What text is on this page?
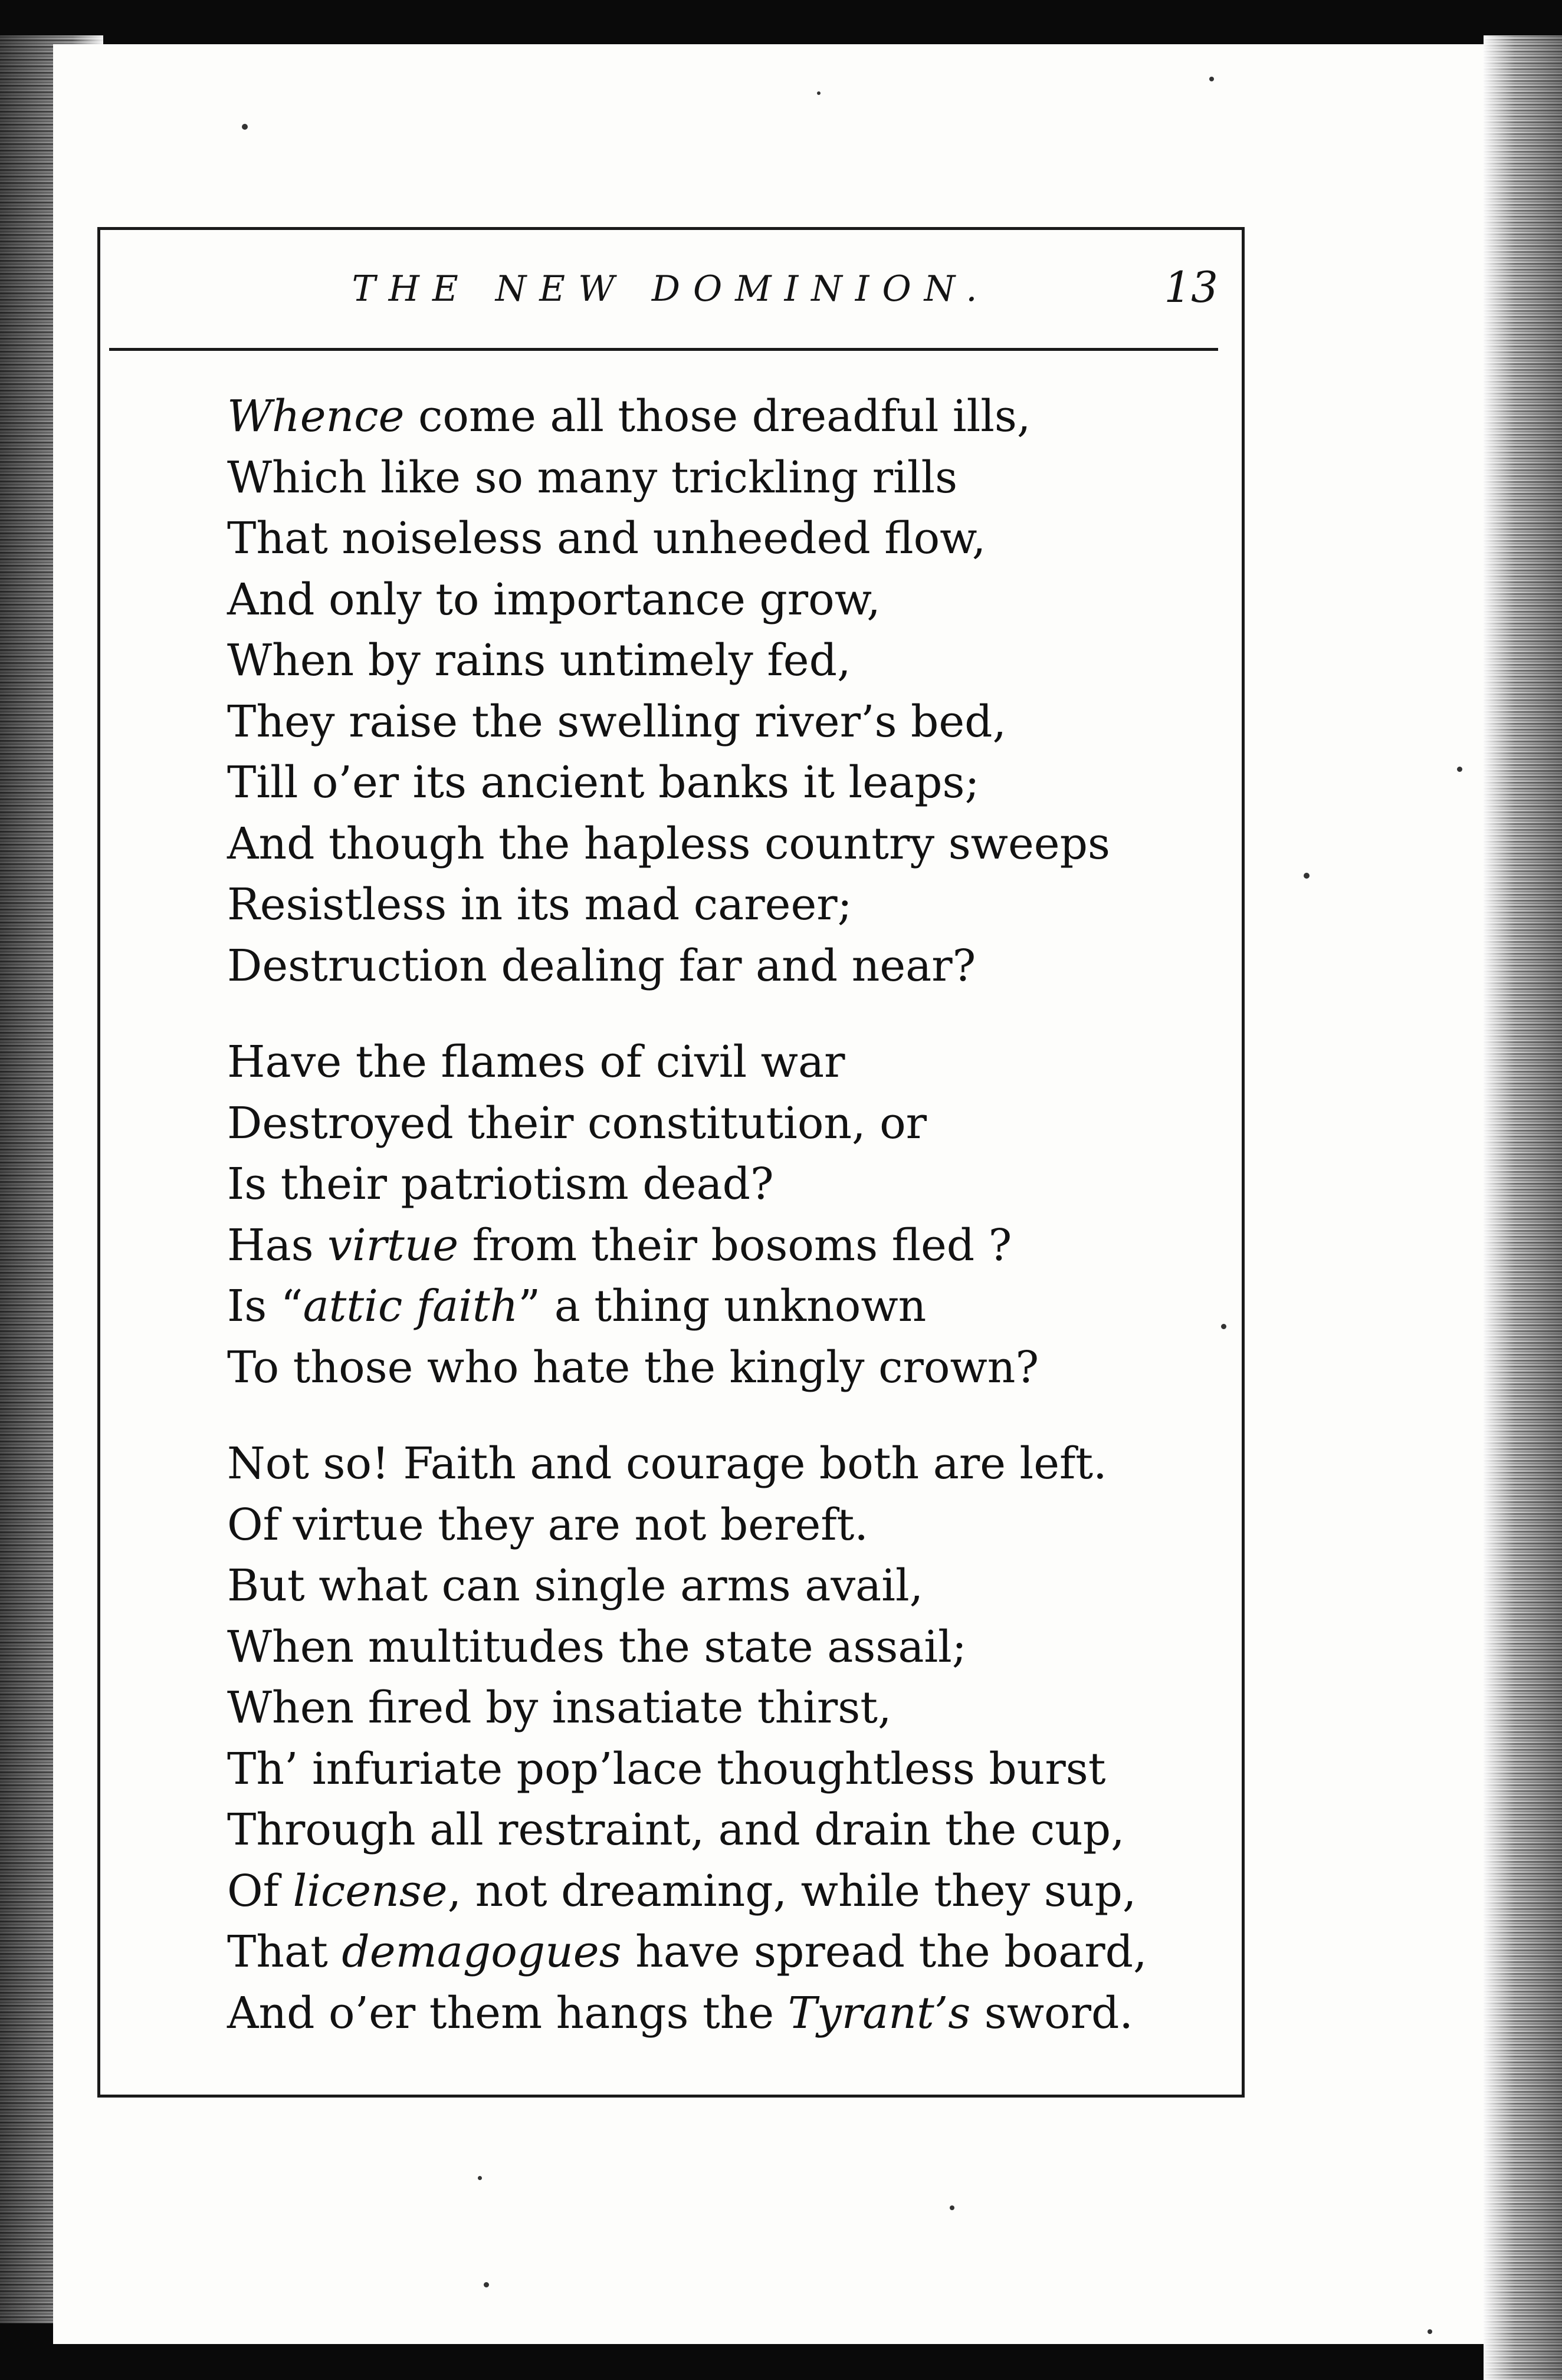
THE NEW DOMINION.	13
Whence come all those dreadful ills,
Which like so many trickling rills
That noiseless and unheeded flow,
And only to importance grow,
When by rains untimely fed,
They raise the swelling river’s bed,
Till o’er its ancient banks it leaps;
And though the hapless country sweeps
Resistless in its mad career;
Destruction dealing far and near?
Have the flames of civil war
Destroyed their constitution, or
Is their patriotism dead?
Has virtue from their bosoms fled ?
Is “attic faith” a thing unknown
To those who hate the kingly crown?
Not so! Faith and courage both are left.
Of virtue they are not bereft.
But what can single arms avail,
When multitudes the state assail;
When fired by insatiate thirst,
Th’ infuriate pop’lace thoughtless burst
Through all restraint, and drain the cup,
Of license, not dreaming, while they sup,
That demagogues have spread the board,
And o’er them hangs the Tyrant’s sword.
